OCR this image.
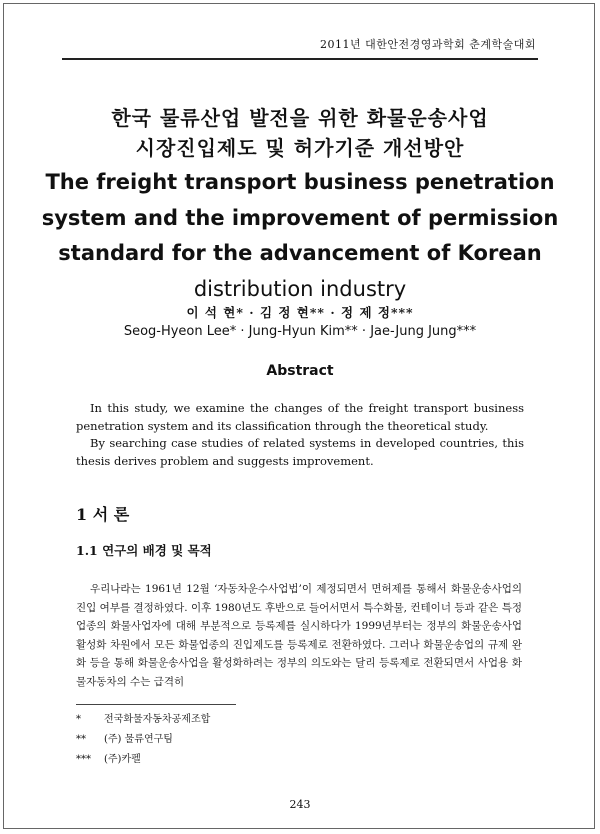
2011년 대한안전경영과학회 춘계학술대회
한국 물류산업 발전을 위한 화물운송사업
시장진입제도 및 허가기준 개선방안
The freight transport business penetration
system and the improvement of permission
standard for the advancement of Korean
distribution industry
이 석 현* · 김 정 현** · 정 제 정***
Seog-Hyeon Lee* · Jung-Hyun Kim** · Jae-Jung Jung***
Abstract

In this study, we examine the changes of the freight transport business penetration system and its classification through the theoretical study.

By searching case studies of related systems in developed countries, this thesis derives problem and suggests improvement.

1 서 론
1.1 연구의 배경 및 목적
우리나라는 1961년 12월 ‘자동차운수사업법’이 제정되면서 면허제를 통해서 화물운송사업의 진입 여부를 결정하였다. 이후 1980년도 후반으로 들어서면서 특수화물, 컨테이너 등과 같은 특정 업종의 화물사업자에 대해 부분적으로 등록제를 실시하다가 1999년부터는 정부의 화물운송사업 활성화 차원에서 모든 화물업종의 진입제도를 등록제로 전환하였다. 그러나 화물운송업의 규제 완화 등을 통해 화물운송사업을 활성화하려는 정부의 의도와는 달리 등록제로 전환되면서 사업용 화물자동차의 수는 급격히
* 전국화물자동차공제조합
** (주) 물류연구팀
*** (주)카펠
243
